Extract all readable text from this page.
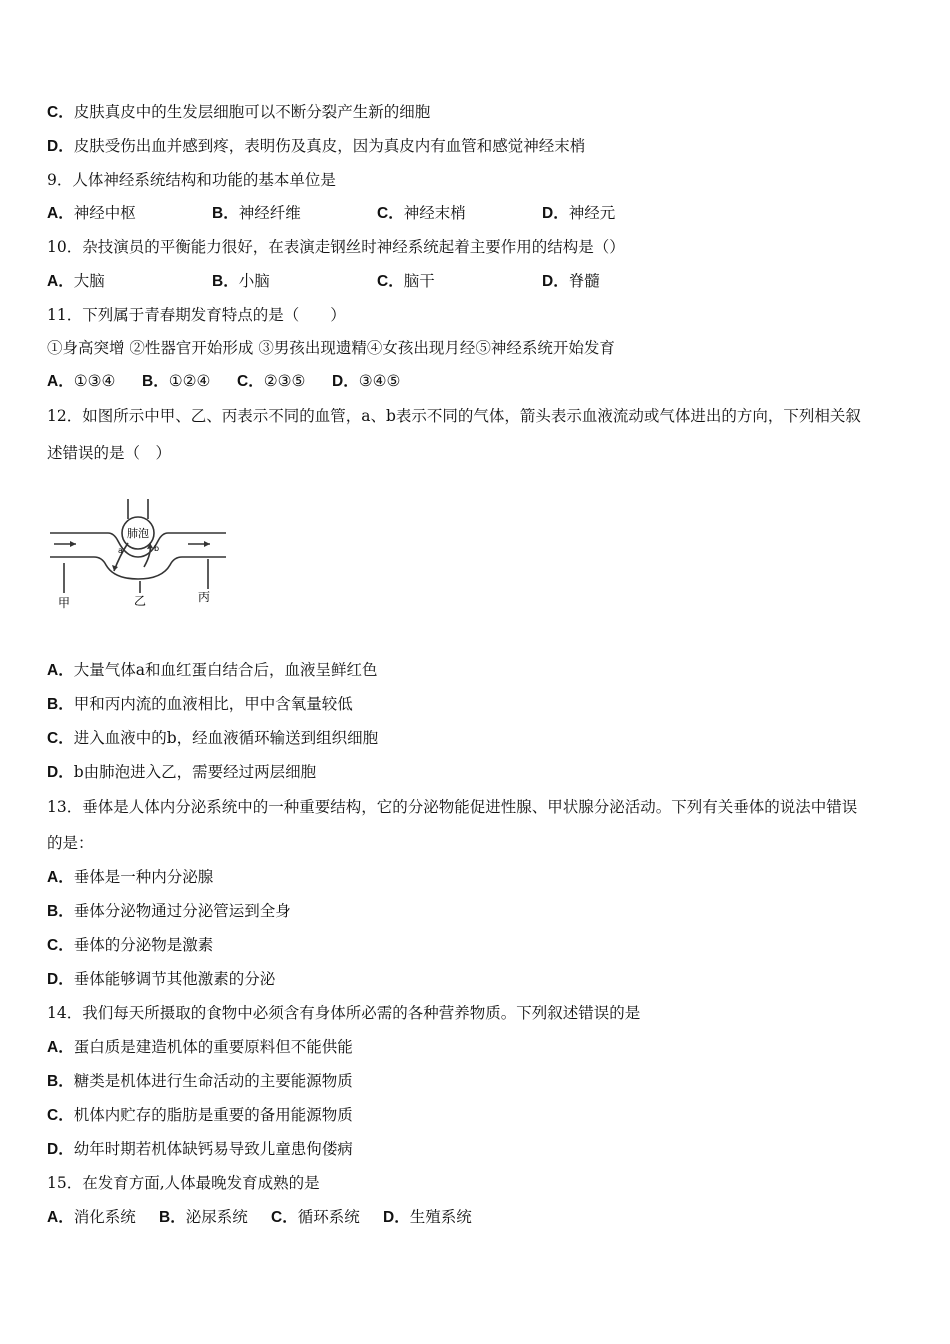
C．皮肤真皮中的生发层细胞可以不断分裂产生新的细胞
D．皮肤受伤出血并感到疼，表明伤及真皮，因为真皮内有血管和感觉神经末梢
9．人体神经系统结构和功能的基本单位是
A．神经中枢	B．神经纤维	C．神经末梢	D．神经元
10．杂技演员的平衡能力很好，在表演走钢丝时神经系统起着主要作用的结构是（）
A．大脑	B．小脑	C．脑干	D．脊髓
11．下列属于青春期发育特点的是（　　）
①身高突增 ②性器官开始形成 ③男孩出现遗精④女孩出现月经⑤神经系统开始发育
A．①③④ B．①②④ C．②③⑤ D．③④⑤
12．如图所示中甲、乙、丙表示不同的血管，a、b表示不同的气体，箭头表示血液流动或气体进出的方向，下列相关叙
述错误的是（　）
肺泡
a	b
甲	乙	丙
A．大量气体a和血红蛋白结合后，血液呈鲜红色
B．甲和丙内流的血液相比，甲中含氧量较低
C．进入血液中的b，经血液循环输送到组织细胞
D．b由肺泡进入乙，需要经过两层细胞
13．垂体是人体内分泌系统中的一种重要结构，它的分泌物能促进性腺、甲状腺分泌活动。下列有关垂体的说法中错误
的是：
A．垂体是一种内分泌腺
B．垂体分泌物通过分泌管运到全身
C．垂体的分泌物是激素
D．垂体能够调节其他激素的分泌
14．我们每天所摄取的食物中必须含有身体所必需的各种营养物质。下列叙述错误的是
A．蛋白质是建造机体的重要原料但不能供能
B．糖类是机体进行生命活动的主要能源物质
C．机体内贮存的脂肪是重要的备用能源物质
D．幼年时期若机体缺钙易导致儿童患佝偻病
15．在发育方面,人体最晚发育成熟的是
A．消化系统 B．泌尿系统 C．循环系统 D．生殖系统
